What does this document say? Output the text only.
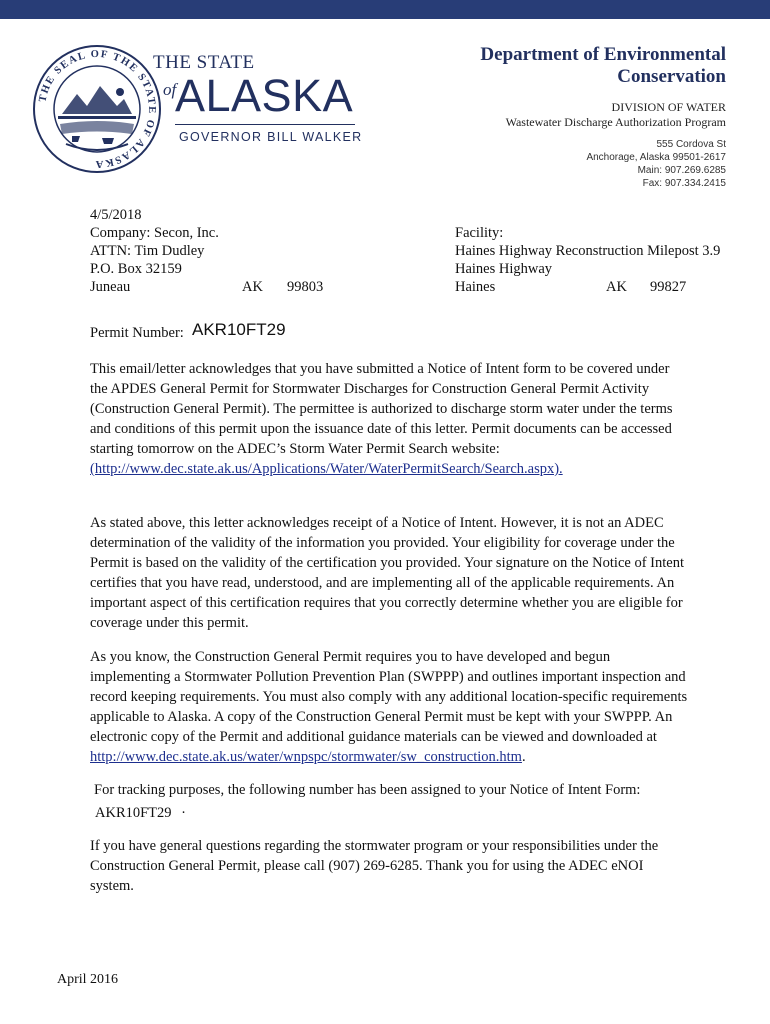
THE SEAL OF THE STATE OF ALASKA
THE STATE
of
ALASKA
GOVERNOR BILL WALKER
Department of Environmental
Conservation
DIVISION OF WATER
Wastewater Discharge Authorization Program
555 Cordova St
Anchorage, Alaska 99501-2617
Main: 907.269.6285
Fax: 907.334.2415
4/5/2018
Company: Secon, Inc.
ATTN: Tim Dudley
P.O. Box 32159
Juneau	AK 99803
Facility:
Haines Highway Reconstruction Milepost 3.9
Haines Highway
Haines	AK 99827
Permit Number: AKR10FT29

This email/letter acknowledges that you have submitted a Notice of Intent form to be covered under the APDES General Permit for Stormwater Discharges for Construction General Permit Activity (Construction General Permit). The permittee is authorized to discharge storm water under the terms and conditions of this permit upon the issuance date of this letter. Permit documents can be accessed starting tomorrow on the ADEC’s Storm Water Permit Search website:
(http://www.dec.state.ak.us/Applications/Water/WaterPermitSearch/Search.aspx).

As stated above, this letter acknowledges receipt of a Notice of Intent. However, it is not an ADEC determination of the validity of the information you provided. Your eligibility for coverage under the Permit is based on the validity of the certification you provided. Your signature on the Notice of Intent certifies that you have read, understood, and are implementing all of the applicable requirements. An important aspect of this certification requires that you correctly determine whether you are eligible for coverage under this permit.

As you know, the Construction General Permit requires you to have developed and begun implementing a Stormwater Pollution Prevention Plan (SWPPP) and outlines important inspection and record keeping requirements. You must also comply with any additional location-specific requirements applicable to Alaska. A copy of the Construction General Permit must be kept with your SWPPP. An electronic copy of the Permit and additional guidance materials can be viewed and downloaded at http://www.dec.state.ak.us/water/wnpspc/stormwater/sw_construction.htm.

For tracking purposes, the following number has been assigned to your Notice of Intent Form:

AKR10FT29 ·

If you have general questions regarding the stormwater program or your responsibilities under the Construction General Permit, please call (907) 269-6285. Thank you for using the ADEC eNOI system.

April 2016
